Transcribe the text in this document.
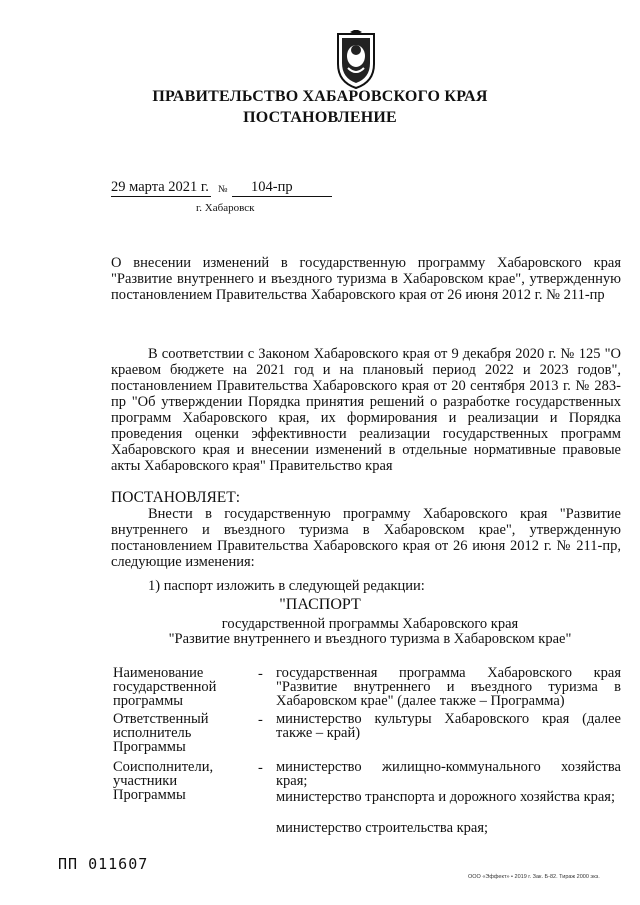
ПРАВИТЕЛЬСТВО ХАБАРОВСКОГО КРАЯ
ПОСТАНОВЛЕНИЕ
29 марта 2021 г. № 104-пр
г. Хабаровск
О внесении изменений в государственную программу Хабаровского края "Развитие внутреннего и въездного туризма в Хабаровском крае", утвержденную постановлением Правительства Хабаровского края от 26 июня 2012 г. № 211-пр
В соответствии с Законом Хабаровского края от 9 декабря 2020 г. № 125 "О краевом бюджете на 2021 год и на плановый период 2022 и 2023 годов", постановлением Правительства Хабаровского края от 20 сентября 2013 г. № 283-пр "Об утверждении Порядка принятия решений о разработке государственных программ Хабаровского края, их формирования и реализации и Порядка проведения оценки эффективности реализации государственных программ Хабаровского края и внесении изменений в отдельные нормативные правовые акты Хабаровского края" Правительство края
ПОСТАНОВЛЯЕТ:
Внести в государственную программу Хабаровского края "Развитие внутреннего и въездного туризма в Хабаровском крае", утвержденную постановлением Правительства Хабаровского края от 26 июня 2012 г. № 211-пр, следующие изменения:
1) паспорт изложить в следующей редакции:
"ПАСПОРТ
государственной программы Хабаровского края
"Развитие внутреннего и въездного туризма в Хабаровском крае"
Наименование государственной программы
- государственная программа Хабаровского края "Развитие внутреннего и въездного туризма в Хабаровском крае" (далее также – Программа)
Ответственный исполнитель Программы
- министерство культуры Хабаровского края (далее также – край)
Соисполнители, участники Программы
- министерство жилищно-коммунального хозяйства края;
министерство транспорта и дорожного хозяйства края;
министерство строительства края;
ПП 011607
ООО «Эффект» • 2019 г. Зак. Б-82. Тираж 2000 экз.
